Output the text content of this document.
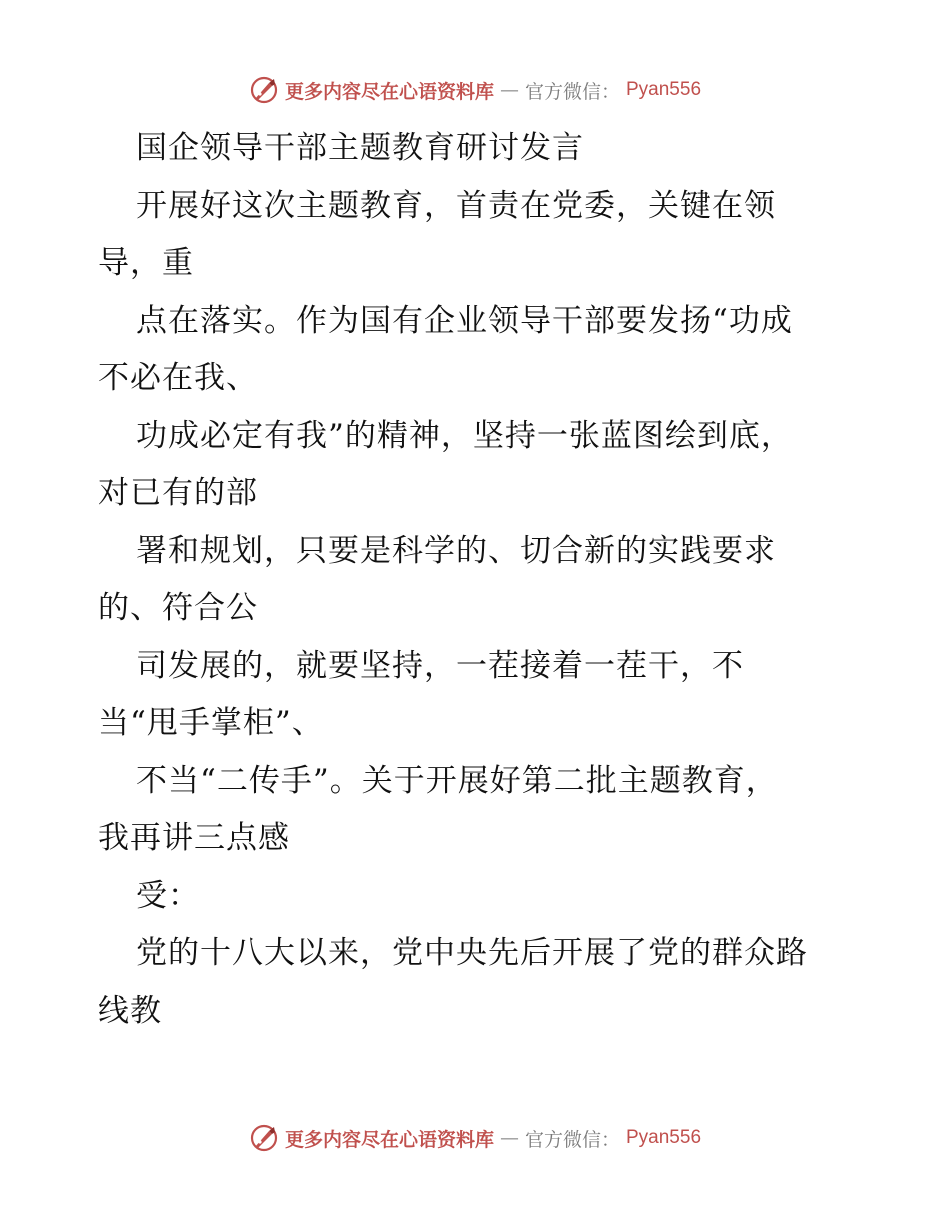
更多内容尽在心语资料库 — 官方微信： Pyan556
国企领导干部主题教育研讨发言
开展好这次主题教育，首责在党委，关键在领
导，重
点在落实。作为国有企业领导干部要发扬“功成
不必在我、
功成必定有我”的精神，坚持一张蓝图绘到底，
对已有的部
署和规划，只要是科学的、切合新的实践要求
的、符合公
司发展的，就要坚持，一茬接着一茬干，不
当“甩手掌柜”、
不当“二传手”。关于开展好第二批主题教育，
我再讲三点感
受：
党的十八大以来，党中央先后开展了党的群众路
线教
更多内容尽在心语资料库 — 官方微信： Pyan556
